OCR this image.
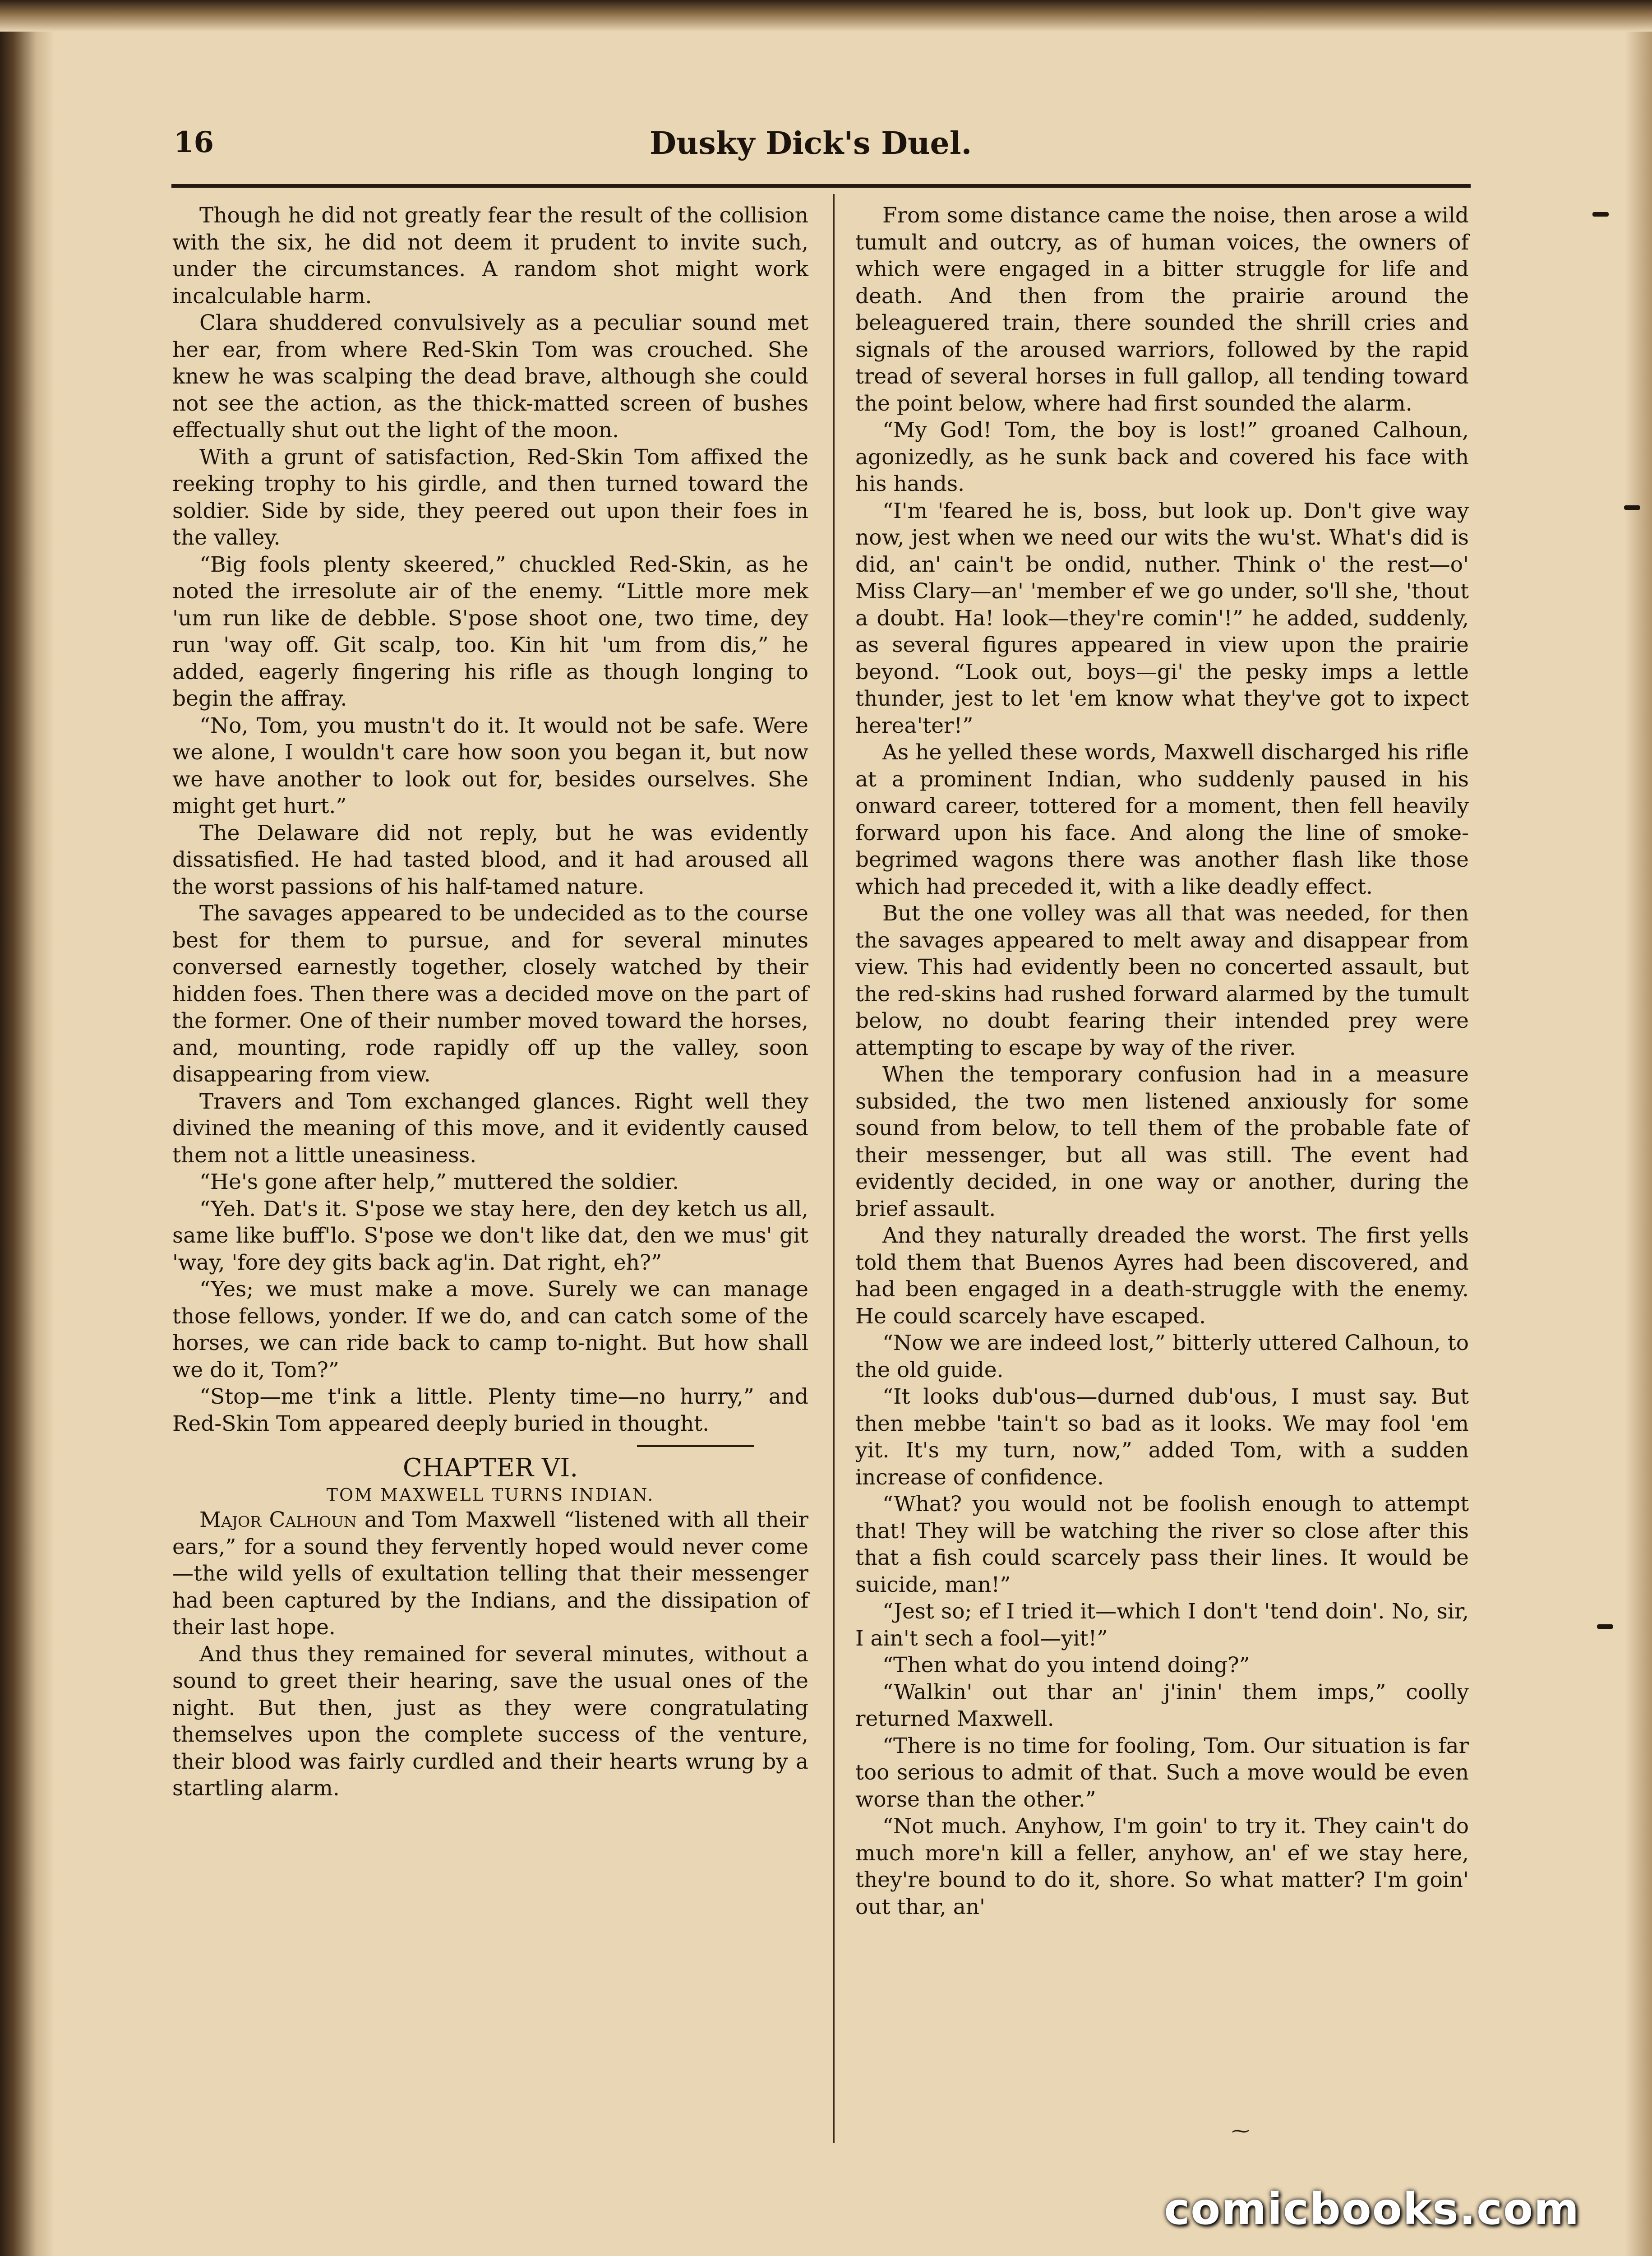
16	Dusky Dick's Duel.

Though he did not greatly fear the result of the collision with the six, he did not deem it prudent to invite such, under the circumstances. A random shot might work incalculable harm.

Clara shuddered convulsively as a peculiar sound met her ear, from where Red-Skin Tom was crouched. She knew he was scalping the dead brave, although she could not see the action, as the thick-matted screen of bushes effectually shut out the light of the moon.

With a grunt of satisfaction, Red-Skin Tom affixed the reeking trophy to his girdle, and then turned toward the soldier. Side by side, they peered out upon their foes in the valley.

“Big fools plenty skeered,” chuckled Red-Skin, as he noted the irresolute air of the enemy. “Little more mek 'um run like de debble. S'pose shoot one, two time, dey run 'way off. Git scalp, too. Kin hit 'um from dis,” he added, eagerly fingering his rifle as though longing to begin the affray.

“No, Tom, you mustn't do it. It would not be safe. Were we alone, I wouldn't care how soon you began it, but now we have another to look out for, besides ourselves. She might get hurt.”

The Delaware did not reply, but he was evidently dissatisfied. He had tasted blood, and it had aroused all the worst passions of his half-tamed nature.

The savages appeared to be undecided as to the course best for them to pursue, and for several minutes conversed earnestly together, closely watched by their hidden foes. Then there was a decided move on the part of the former. One of their number moved toward the horses, and, mounting, rode rapidly off up the valley, soon disappearing from view.

Travers and Tom exchanged glances. Right well they divined the meaning of this move, and it evidently caused them not a little uneasiness.

“He's gone after help,” muttered the soldier.

“Yeh. Dat's it. S'pose we stay here, den dey ketch us all, same like buff'lo. S'pose we don't like dat, den we mus' git 'way, 'fore dey gits back ag'in. Dat right, eh?”

“Yes; we must make a move. Surely we can manage those fellows, yonder. If we do, and can catch some of the horses, we can ride back to camp to-night. But how shall we do it, Tom?”

“Stop—me t'ink a little. Plenty time—no hurry,” and Red-Skin Tom appeared deeply buried in thought.

CHAPTER VI.
TOM MAXWELL TURNS INDIAN.

Major Calhoun and Tom Maxwell “listened with all their ears,” for a sound they fervently hoped would never come—the wild yells of exultation telling that their messenger had been captured by the Indians, and the dissipation of their last hope.

And thus they remained for several minutes, without a sound to greet their hearing, save the usual ones of the night. But then, just as they were congratulating themselves upon the complete success of the venture, their blood was fairly curdled and their hearts wrung by a startling alarm.

From some distance came the noise, then arose a wild tumult and outcry, as of human voices, the owners of which were engaged in a bitter struggle for life and death. And then from the prairie around the beleaguered train, there sounded the shrill cries and signals of the aroused warriors, followed by the rapid tread of several horses in full gallop, all tending toward the point below, where had first sounded the alarm.

“My God! Tom, the boy is lost!” groaned Calhoun, agonizedly, as he sunk back and covered his face with his hands.

“I'm 'feared he is, boss, but look up. Don't give way now, jest when we need our wits the wu'st. What's did is did, an' cain't be ondid, nuther. Think o' the rest—o' Miss Clary—an' 'member ef we go under, so'll she, 'thout a doubt. Ha! look—they're comin'!” he added, suddenly, as several figures appeared in view upon the prairie beyond. “Look out, boys—gi' the pesky imps a lettle thunder, jest to let 'em know what they've got to ixpect herea'ter!”

As he yelled these words, Maxwell discharged his rifle at a prominent Indian, who suddenly paused in his onward career, tottered for a moment, then fell heavily forward upon his face. And along the line of smoke-begrimed wagons there was another flash like those which had preceded it, with a like deadly effect.

But the one volley was all that was needed, for then the savages appeared to melt away and disappear from view. This had evidently been no concerted assault, but the red-skins had rushed forward alarmed by the tumult below, no doubt fearing their intended prey were attempting to escape by way of the river.

When the temporary confusion had in a measure subsided, the two men listened anxiously for some sound from below, to tell them of the probable fate of their messenger, but all was still. The event had evidently decided, in one way or another, during the brief assault.

And they naturally dreaded the worst. The first yells told them that Buenos Ayres had been discovered, and had been engaged in a death-struggle with the enemy. He could scarcely have escaped.

“Now we are indeed lost,” bitterly uttered Calhoun, to the old guide.

“It looks dub'ous—durned dub'ous, I must say. But then mebbe 'tain't so bad as it looks. We may fool 'em yit. It's my turn, now,” added Tom, with a sudden increase of confidence.

“What? you would not be foolish enough to attempt that! They will be watching the river so close after this that a fish could scarcely pass their lines. It would be suicide, man!”

“Jest so; ef I tried it—which I don't 'tend doin'. No, sir, I ain't sech a fool—yit!”

“Then what do you intend doing?”

“Walkin' out thar an' j'inin' them imps,” coolly returned Maxwell.

“There is no time for fooling, Tom. Our situation is far too serious to admit of that. Such a move would be even worse than the other.”

“Not much. Anyhow, I'm goin' to try it. They cain't do much more'n kill a feller, anyhow, an' ef we stay here, they're bound to do it, shore. So what matter? I'm goin' out thar, an'

⁓
comicbooks.com
